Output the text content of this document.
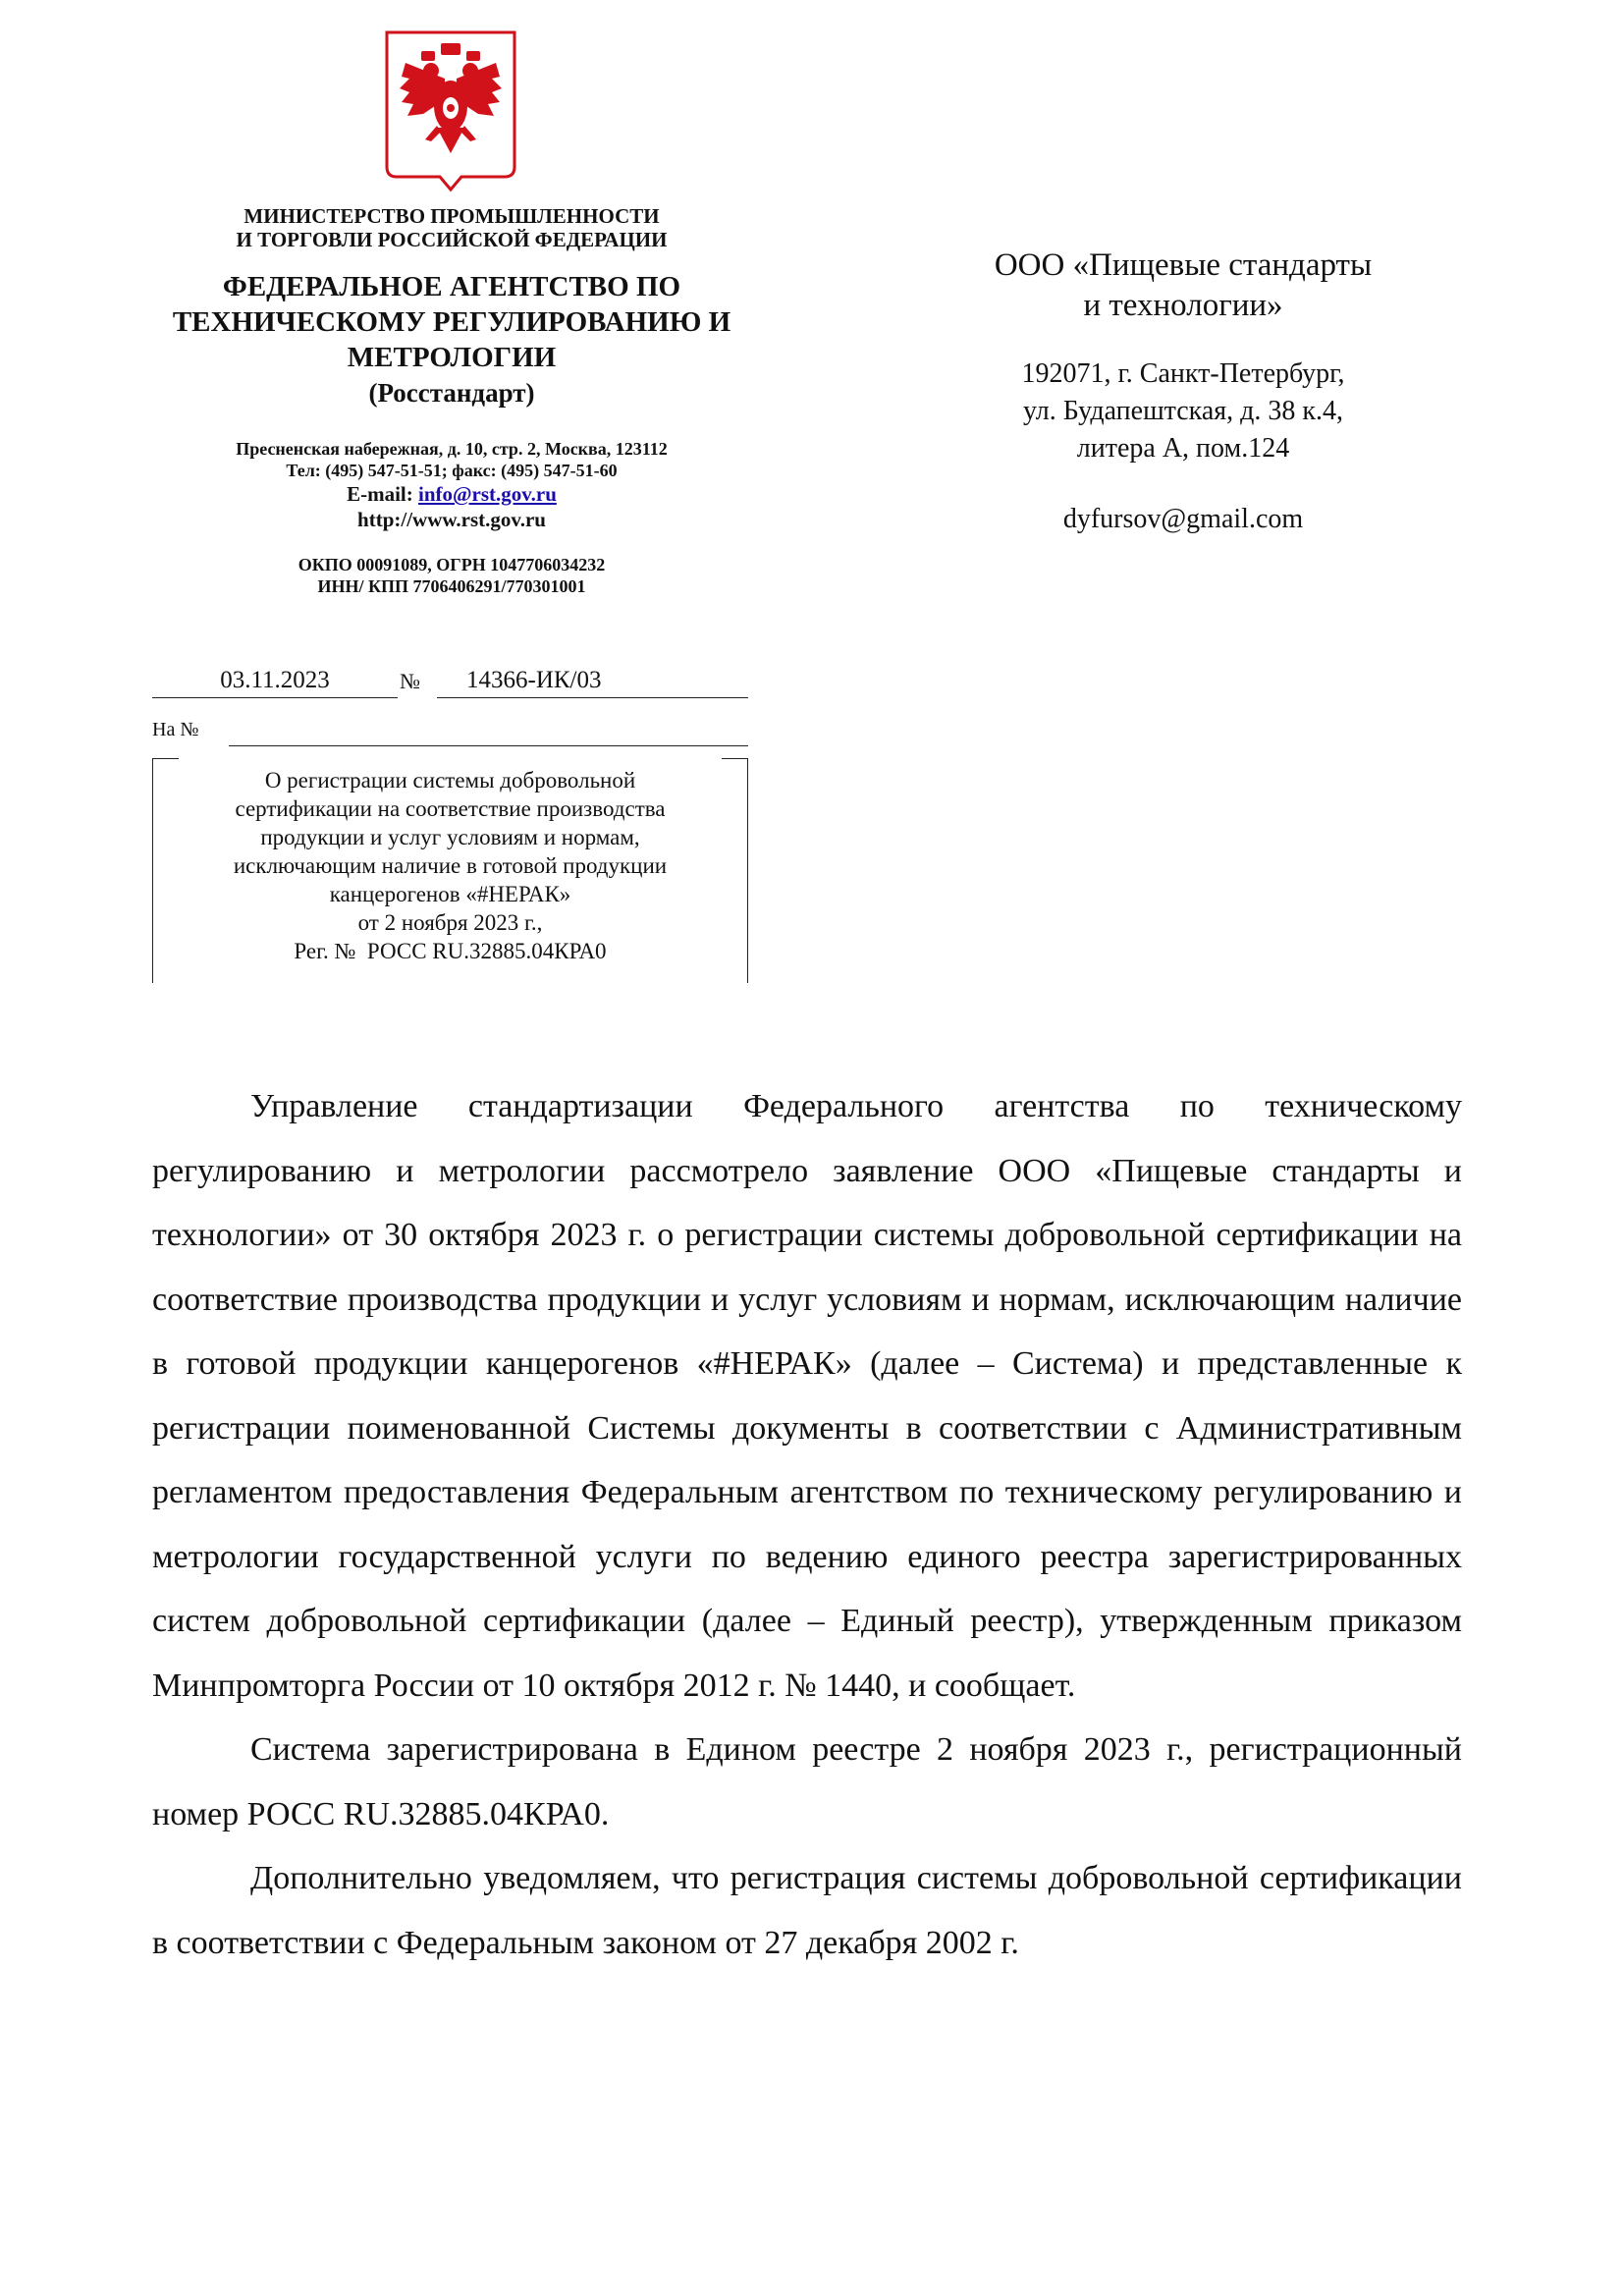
МИНИСТЕРСТВО ПРОМЫШЛЕННОСТИ
И ТОРГОВЛИ РОССИЙСКОЙ ФЕДЕРАЦИИ
ФЕДЕРАЛЬНОЕ АГЕНТСТВО ПО
ТЕХНИЧЕСКОМУ РЕГУЛИРОВАНИЮ И
МЕТРОЛОГИИ
(Росстандарт)
Пресненская набережная, д. 10, стр. 2, Москва, 123112
Тел: (495) 547-51-51; факс: (495) 547-51-60
E-mail: info@rst.gov.ru
http://www.rst.gov.ru
ОКПО 00091089, ОГРН 1047706034232
ИНН/ КПП 7706406291/770301001
03.11.2023	№	14366-ИК/03
На №
О регистрации системы добровольной
сертификации на соответствие производства
продукции и услуг условиям и нормам,
исключающим наличие в готовой продукции
канцерогенов «#НЕРАК»
от 2 ноября 2023 г.,
Рег. №  РОСС RU.32885.04КРА0
ООО «Пищевые стандарты
и технологии»
192071, г. Санкт-Петербург,
ул. Будапештская, д. 38 к.4,
литера А, пом.124
dyfursov@gmail.com

Управление стандартизации Федерального агентства по техническому регулированию и метрологии рассмотрело заявление ООО «Пищевые стандарты и технологии» от 30 октября 2023 г. о регистрации системы добровольной сертификации на соответствие производства продукции и услуг условиям и нормам, исключающим наличие в готовой продукции канцерогенов «#НЕРАК» (далее – Система) и представленные к регистрации поименованной Системы документы в соответствии с Административным регламентом предоставления Федеральным агентством по техническому регулированию и метрологии государственной услуги по ведению единого реестра зарегистрированных систем добровольной сертификации (далее – Единый реестр), утвержденным приказом Минпромторга России от 10 октября 2012 г. № 1440, и сообщает.

Система зарегистрирована в Едином реестре 2 ноября 2023 г., регистрационный номер РОСС RU.32885.04КРА0.

Дополнительно уведомляем, что регистрация системы добровольной сертификации в соответствии с Федеральным законом от 27 декабря 2002 г.
